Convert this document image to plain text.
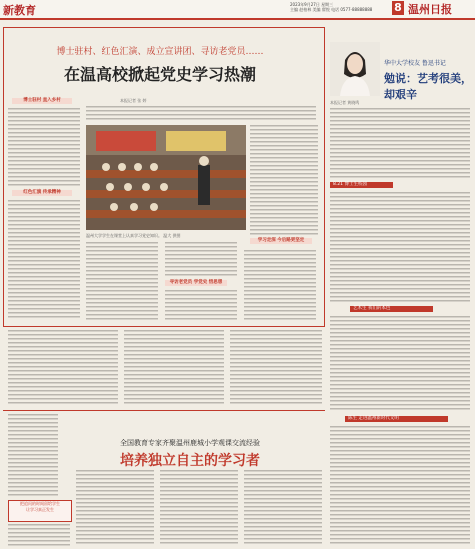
新教育	2023年9月27日 星期三
主编 赵柏林 美编 翟悦 电话 0577-88888888	8 温州日报
博士驻村、红色汇演、成立宣讲团、寻访老党员……
在温高校掀起党史学习热潮
博士驻村 直入乡村
红色汇演 传承精神
本报记者 张 婷
温州大学学生在课堂上认真学习党史知识。 温大 供图
学习走深 今后路更坚定
寻访老党员 学党史 悟思想
华中大学校友 鲁迅书记
勉说：艺考很美，却艰辛
本报记者 黄晓鸣
8.21 博士生校园
艺术生 我们的本色
陈生 走进温州新时代文明
全国教育专家齐聚温州鹿城小学观课交流经验
培养独立自主的学习者
把追问的时间留给学生
让学习真正发生
